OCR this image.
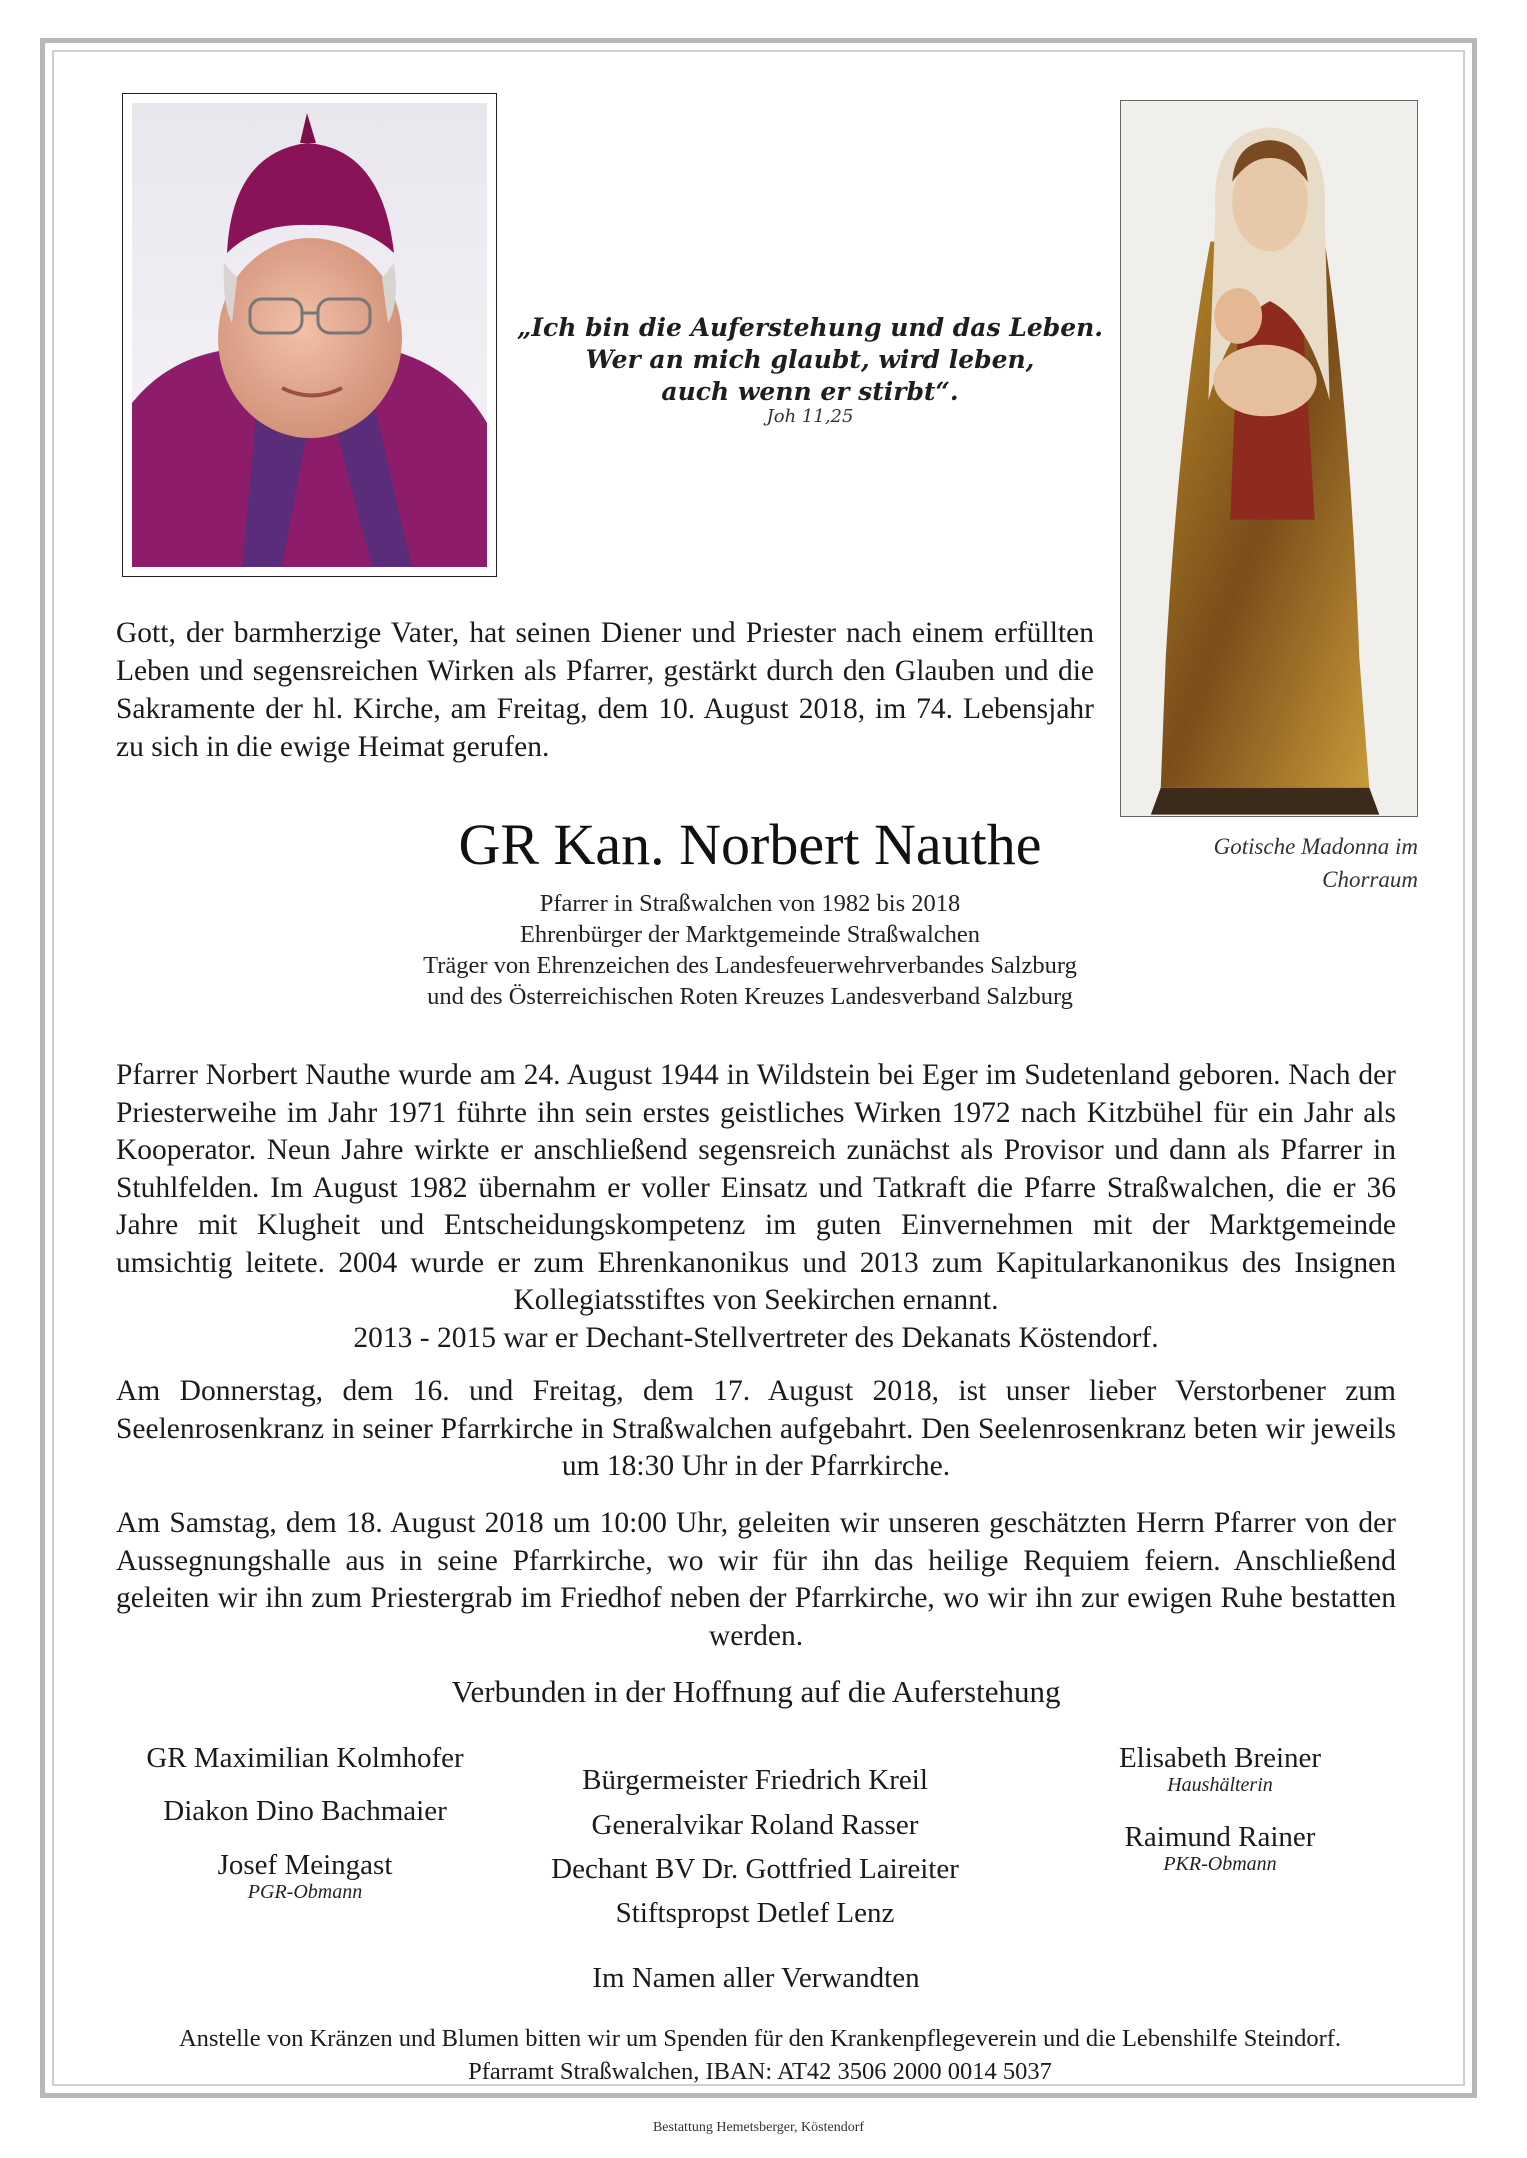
„Ich bin die Auferstehung und das Leben.
Wer an mich glaubt, wird leben,
auch wenn er stirbt“.
Joh 11,25
Gotische Madonna im
Chorraum
Gott, der barmherzige Vater, hat seinen Diener und Priester nach einem erfüllten Leben und segensreichen Wirken als Pfarrer, gestärkt durch den Glauben und die Sakramente der hl. Kirche, am Freitag, dem 10. August 2018, im 74. Lebensjahr zu sich in die ewige Heimat gerufen.
GR Kan. Norbert Nauthe
Pfarrer in Straßwalchen von 1982 bis 2018
Ehrenbürger der Marktgemeinde Straßwalchen
Träger von Ehrenzeichen des Landesfeuerwehrverbandes Salzburg
und des Österreichischen Roten Kreuzes Landesverband Salzburg
Pfarrer Norbert Nauthe wurde am 24. August 1944 in Wildstein bei Eger im Sudetenland geboren. Nach der Priesterweihe im Jahr 1971 führte ihn sein erstes geistliches Wirken 1972 nach Kitzbühel für ein Jahr als Kooperator. Neun Jahre wirkte er anschließend segensreich zunächst als Provisor und dann als Pfarrer in Stuhlfelden. Im August 1982 übernahm er voller Einsatz und Tatkraft die Pfarre Straßwalchen, die er 36 Jahre mit Klugheit und Entscheidungskompetenz im guten Einvernehmen mit der Marktgemeinde umsichtig leitete. 2004 wurde er zum Ehrenkanonikus und 2013 zum Kapitularkanonikus des Insignen Kollegiatsstiftes von Seekirchen ernannt.
2013 - 2015 war er Dechant-Stellvertreter des Dekanats Köstendorf.
Am Donnerstag, dem 16. und Freitag, dem 17. August 2018, ist unser lieber Verstorbener zum Seelenrosenkranz in seiner Pfarrkirche in Straßwalchen aufgebahrt. Den Seelenrosenkranz beten wir jeweils um 18:30 Uhr in der Pfarrkirche.
Am Samstag, dem 18. August 2018 um 10:00 Uhr, geleiten wir unseren geschätzten Herrn Pfarrer von der Aussegnungshalle aus in seine Pfarrkirche, wo wir für ihn das heilige Requiem feiern. Anschließend geleiten wir ihn zum Priestergrab im Friedhof neben der Pfarrkirche, wo wir ihn zur ewigen Ruhe bestatten werden.
Verbunden in der Hoffnung auf die Auferstehung
GR Maximilian Kolmhofer
Diakon Dino Bachmaier
Josef Meingast
PGR-Obmann
Bürgermeister Friedrich Kreil
Generalvikar Roland Rasser
Dechant BV Dr. Gottfried Laireiter
Stiftspropst Detlef Lenz
Elisabeth Breiner
Haushälterin
Raimund Rainer
PKR-Obmann
Im Namen aller Verwandten
Anstelle von Kränzen und Blumen bitten wir um Spenden für den Krankenpflegeverein und die Lebenshilfe Steindorf.
Pfarramt Straßwalchen, IBAN: AT42 3506 2000 0014 5037
Bestattung Hemetsberger, Köstendorf
